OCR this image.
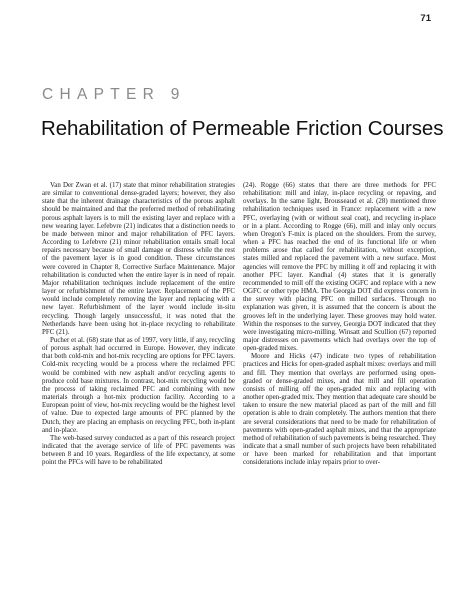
71
CHAPTER 9
Rehabilitation of Permeable Friction Courses

Van Der Zwan et al. (17) state that minor rehabilitation strategies are similar to conventional dense-graded layers; however, they also state that the inherent drainage characteristics of the porous asphalt should be maintained and that the preferred method of rehabilitating porous asphalt layers is to mill the existing layer and replace with a new wearing layer. Lefebvre (21) indicates that a distinction needs to be made between minor and major rehabilitation of PFC layers. According to Lefebvre (21) minor rehabilitation entails small local repairs necessary because of small damage or distress while the rest of the pavement layer is in good condition. These circumstances were covered in Chapter 8, Corrective Surface Maintenance. Major rehabilitation is conducted when the entire layer is in need of repair. Major rehabilitation techniques include replacement of the entire layer or refurbishment of the entire layer. Replacement of the PFC would include completely removing the layer and replacing with a new layer. Refurbishment of the layer would include in-situ recycling. Though largely unsuccessful, it was noted that the Netherlands have been using hot in-place recycling to rehabilitate PFC (21).

Pucher et al. (68) state that as of 1997, very little, if any, recycling of porous asphalt had occurred in Europe. However, they indicate that both cold-mix and hot-mix recycling are options for PFC layers. Cold-mix recycling would be a process where the reclaimed PFC would be combined with new asphalt and/or recycling agents to produce cold base mixtures. In contrast, hot-mix recycling would be the process of taking reclaimed PFC and combining with new materials through a hot-mix production facility. According to a European point of view, hot-mix recycling would be the highest level of value. Due to expected large amounts of PFC planned by the Dutch, they are placing an emphasis on recycling PFC, both in-plant and in-place.

The web-based survey conducted as a part of this research project indicated that the average service of life of PFC pavements was between 8 and 10 years. Regardless of the life expectancy, at some point the PFCs will have to be rehabilitated

(24). Rogge (66) states that there are three methods for PFC rehabilitation: mill and inlay, in-place recycling or repaving, and overlays. In the same light, Brousseaud et al. (28) mentioned three rehabilitation techniques used in France: replacement with a new PFC, overlaying (with or without seal coat), and recycling in-place or in a plant. According to Rogge (66), mill and inlay only occurs when Oregon's F-mix is placed on the shoulders. From the survey, when a PFC has reached the end of its functional life or when problems arose that called for rehabilitation, without exception, states milled and replaced the pavement with a new surface. Most agencies will remove the PFC by milling it off and replacing it with another PFC layer. Kandhal (4) states that it is generally recommended to mill off the existing OGFC and replace with a new OGFC or other type HMA. The Georgia DOT did express concern in the survey with placing PFC on milled surfaces. Through no explanation was given, it is assumed that the concern is about the grooves left in the underlying layer. These grooves may hold water. Within the responses to the survey, Georgia DOT indicated that they were investigating micro-milling. Winsatt and Scullion (67) reported major distresses on pavements which had overlays over the top of open-graded mixes.

Moore and Hicks (47) indicate two types of rehabilitation practices and Hicks for open-graded asphalt mixes: overlays and mill and fill. They mention that overlays are performed using open-graded or dense-graded mixes, and that mill and fill operation consists of milling off the open-graded mix and replacing with another open-graded mix. They mention that adequate care should be taken to ensure the new material placed as part of the mill and fill operation is able to drain completely. The authors mention that there are several considerations that need to be made for rehabilitation of pavements with open-graded asphalt mixes, and that the appropriate method of rehabilitation of such pavements is being researched. They indicate that a small number of such projects have been rehabilitated or have been marked for rehabilitation and that important considerations include inlay repairs prior to over-
